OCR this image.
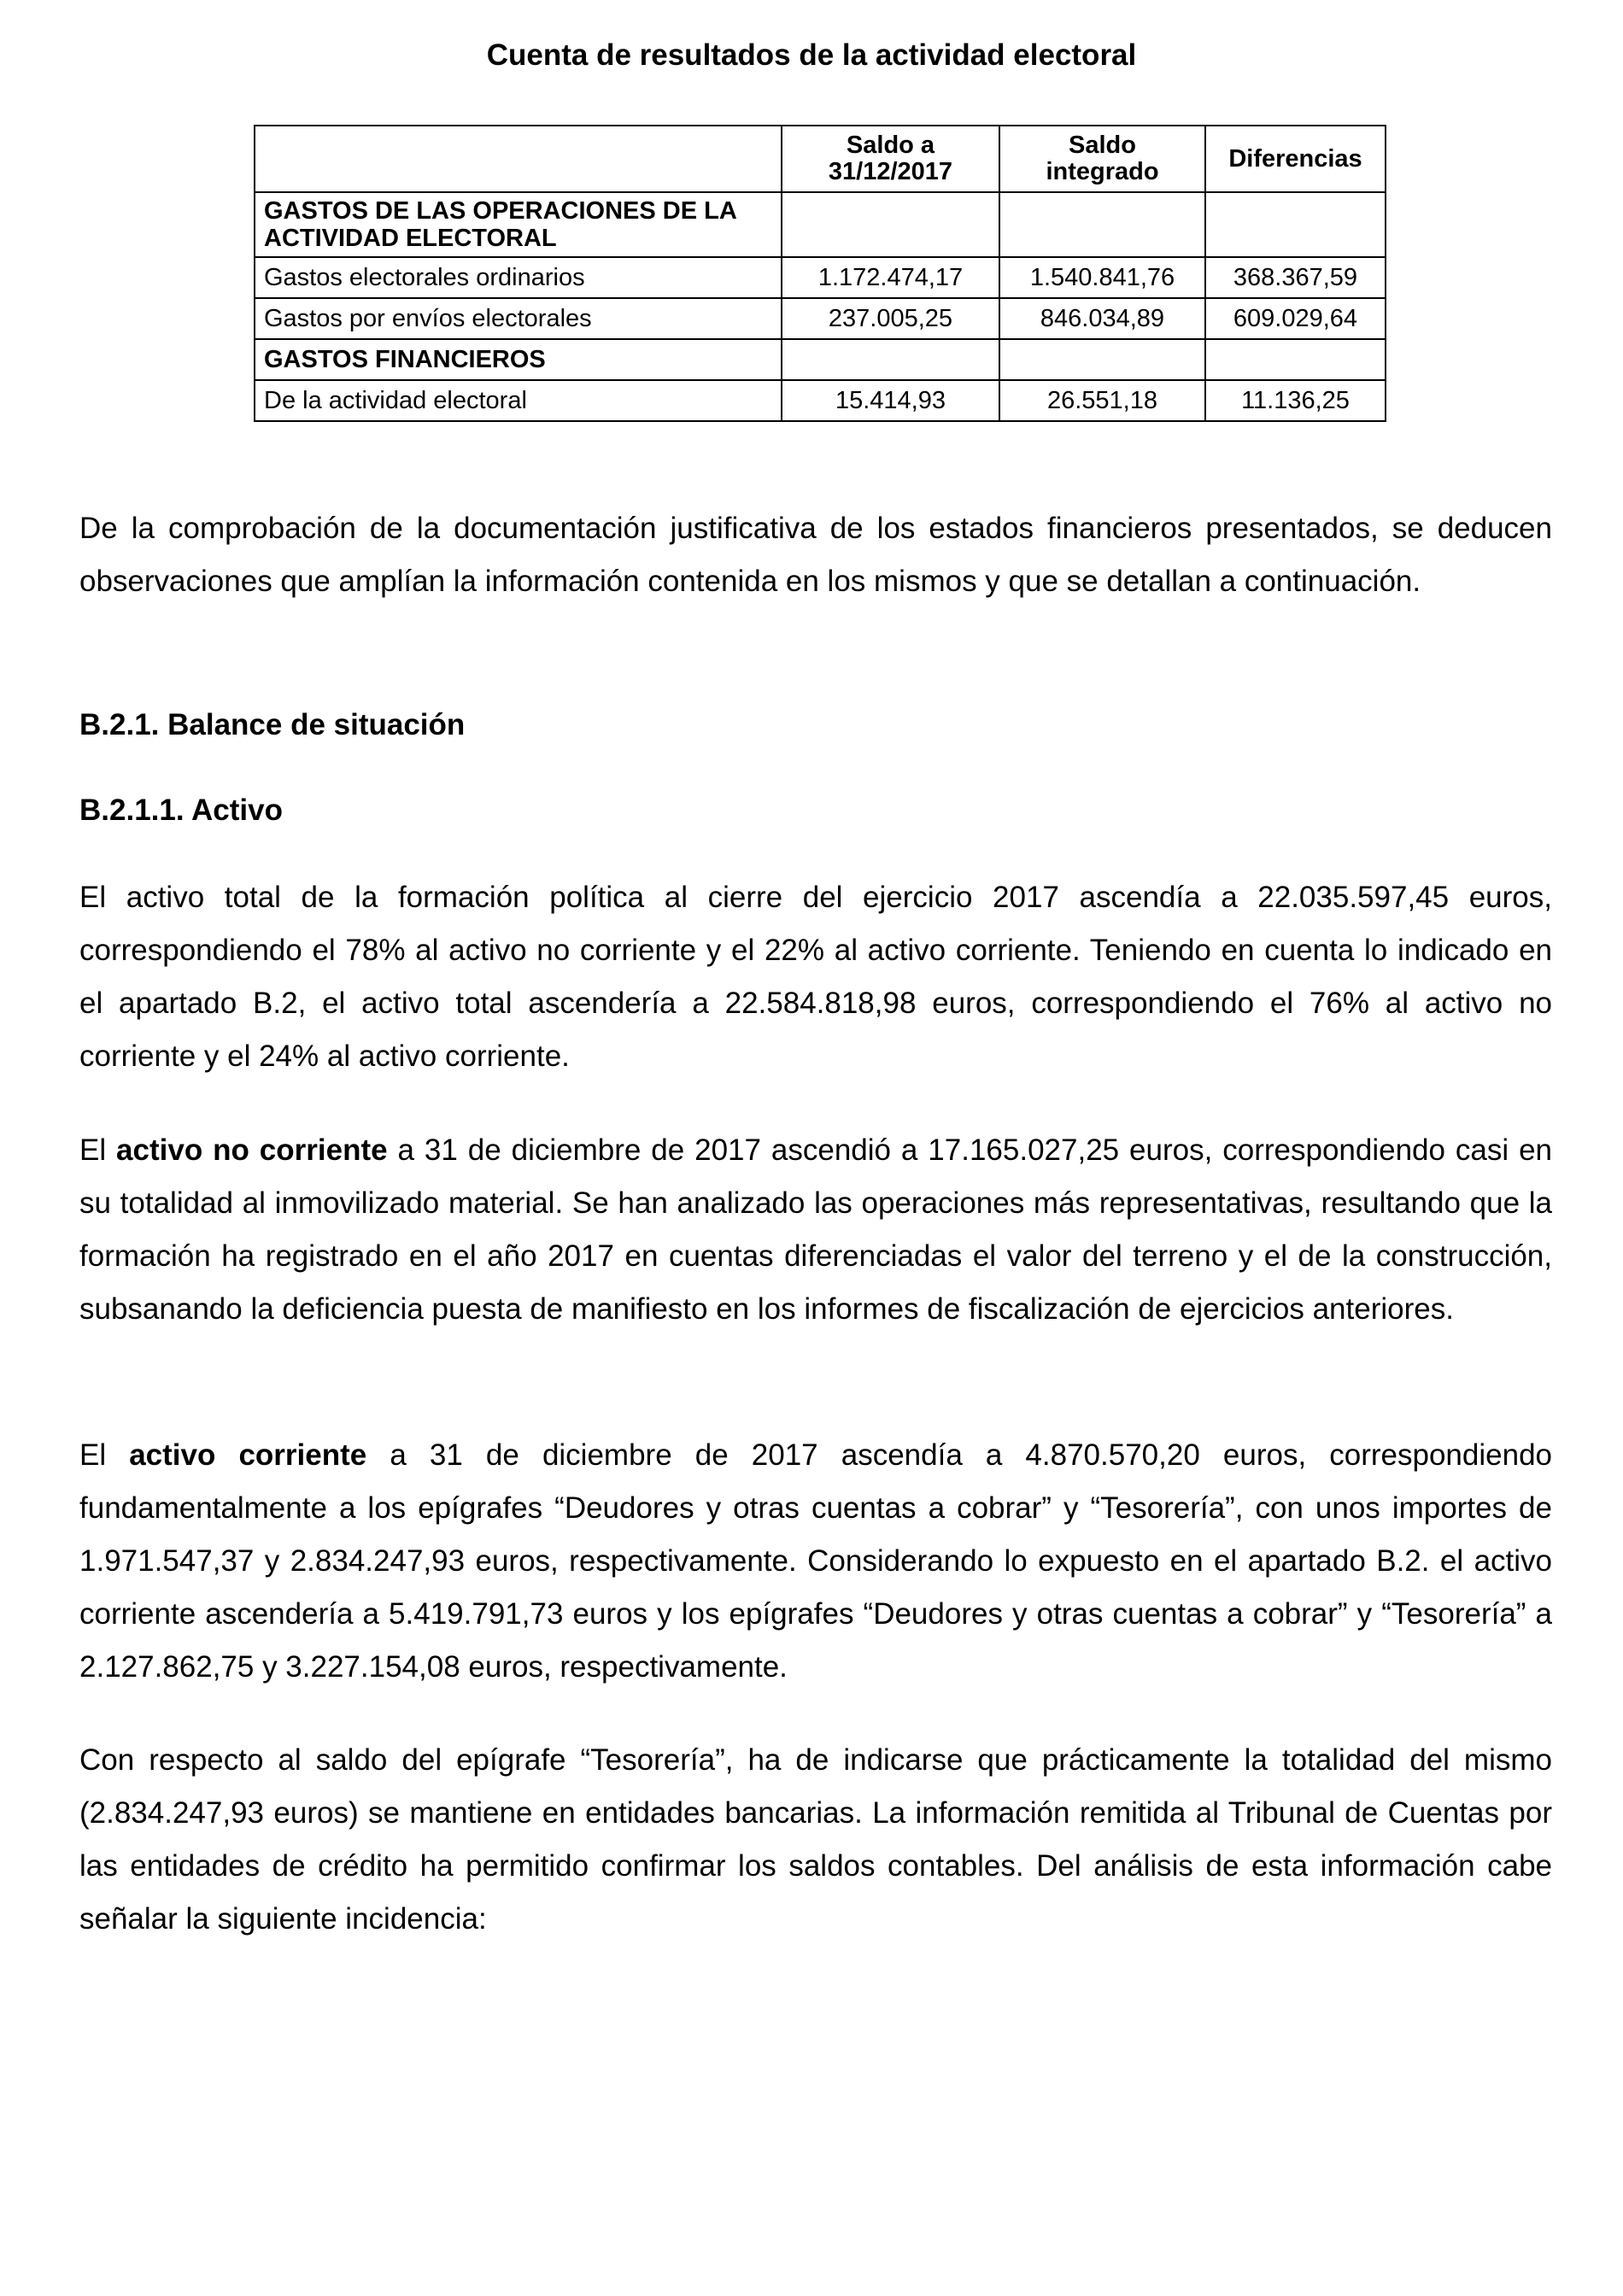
Cuenta de resultados de la actividad electoral
	Saldo a 31/12/2017	Saldo integrado	Diferencias
GASTOS DE LAS OPERACIONES DE LA ACTIVIDAD ELECTORAL			
Gastos electorales ordinarios	1.172.474,17	1.540.841,76	368.367,59
Gastos por envíos electorales	237.005,25	846.034,89	609.029,64
GASTOS FINANCIEROS			
De la actividad electoral	15.414,93	26.551,18	11.136,25

De la comprobación de la documentación justificativa de los estados financieros presentados, se deducen observaciones que amplían la información contenida en los mismos y que se detallan a continuación.

B.2.1. Balance de situación

B.2.1.1. Activo

El activo total de la formación política al cierre del ejercicio 2017 ascendía a 22.035.597,45 euros, correspondiendo el 78% al activo no corriente y el 22% al activo corriente. Teniendo en cuenta lo indicado en el apartado B.2, el activo total ascendería a 22.584.818,98 euros, correspondiendo el 76% al activo no corriente y el 24% al activo corriente.

El activo no corriente a 31 de diciembre de 2017 ascendió a 17.165.027,25 euros, correspondiendo casi en su totalidad al inmovilizado material. Se han analizado las operaciones más representativas, resultando que la formación ha registrado en el año 2017 en cuentas diferenciadas el valor del terreno y el de la construcción, subsanando la deficiencia puesta de manifiesto en los informes de fiscalización de ejercicios anteriores.

El activo corriente a 31 de diciembre de 2017 ascendía a 4.870.570,20 euros, correspondiendo fundamentalmente a los epígrafes “Deudores y otras cuentas a cobrar” y “Tesorería”, con unos importes de 1.971.547,37 y 2.834.247,93 euros, respectivamente. Considerando lo expuesto en el apartado B.2. el activo corriente ascendería a 5.419.791,73 euros y los epígrafes “Deudores y otras cuentas a cobrar” y “Tesorería” a 2.127.862,75 y 3.227.154,08 euros, respectivamente.

Con respecto al saldo del epígrafe “Tesorería”, ha de indicarse que prácticamente la totalidad del mismo (2.834.247,93 euros) se mantiene en entidades bancarias. La información remitida al Tribunal de Cuentas por las entidades de crédito ha permitido confirmar los saldos contables. Del análisis de esta información cabe señalar la siguiente incidencia:
